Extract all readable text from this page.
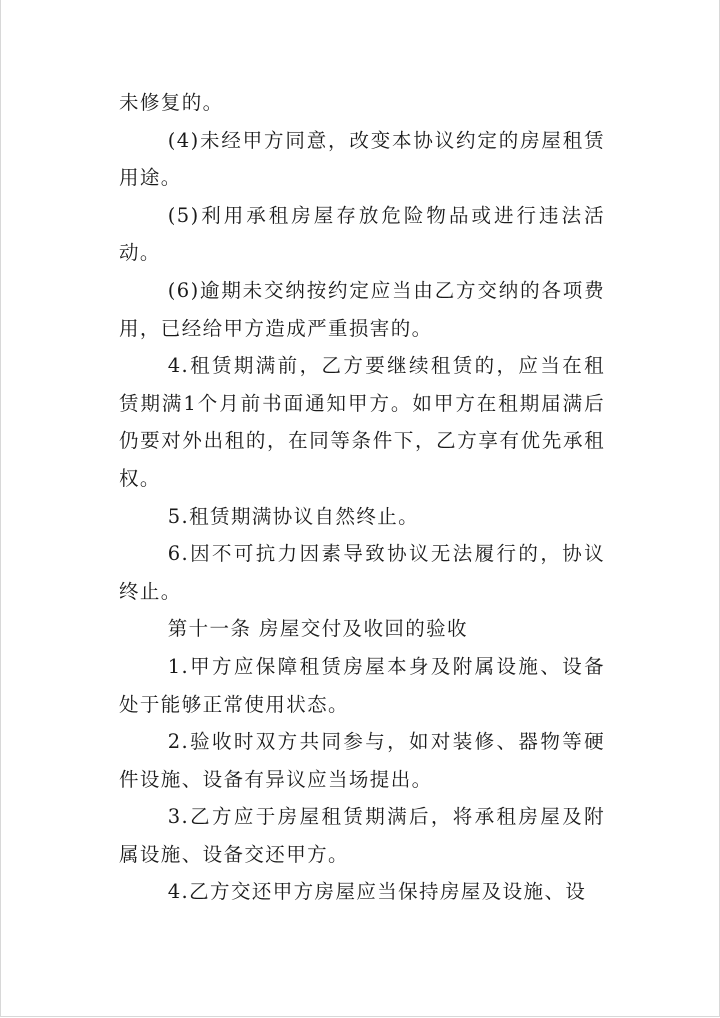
未修复的。

(4)未经甲方同意，改变本协议约定的房屋租赁用途。

(5)利用承租房屋存放危险物品或进行违法活动。

(6)逾期未交纳按约定应当由乙方交纳的各项费用，已经给甲方造成严重损害的。

4.租赁期满前，乙方要继续租赁的，应当在租赁期满1个月前书面通知甲方。如甲方在租期届满后仍要对外出租的，在同等条件下，乙方享有优先承租权。

5.租赁期满协议自然终止。

6.因不可抗力因素导致协议无法履行的，协议终止。

第十一条 房屋交付及收回的验收

1.甲方应保障租赁房屋本身及附属设施、设备处于能够正常使用状态。

2.验收时双方共同参与，如对装修、器物等硬件设施、设备有异议应当场提出。

3.乙方应于房屋租赁期满后，将承租房屋及附属设施、设备交还甲方。

4.乙方交还甲方房屋应当保持房屋及设施、设
